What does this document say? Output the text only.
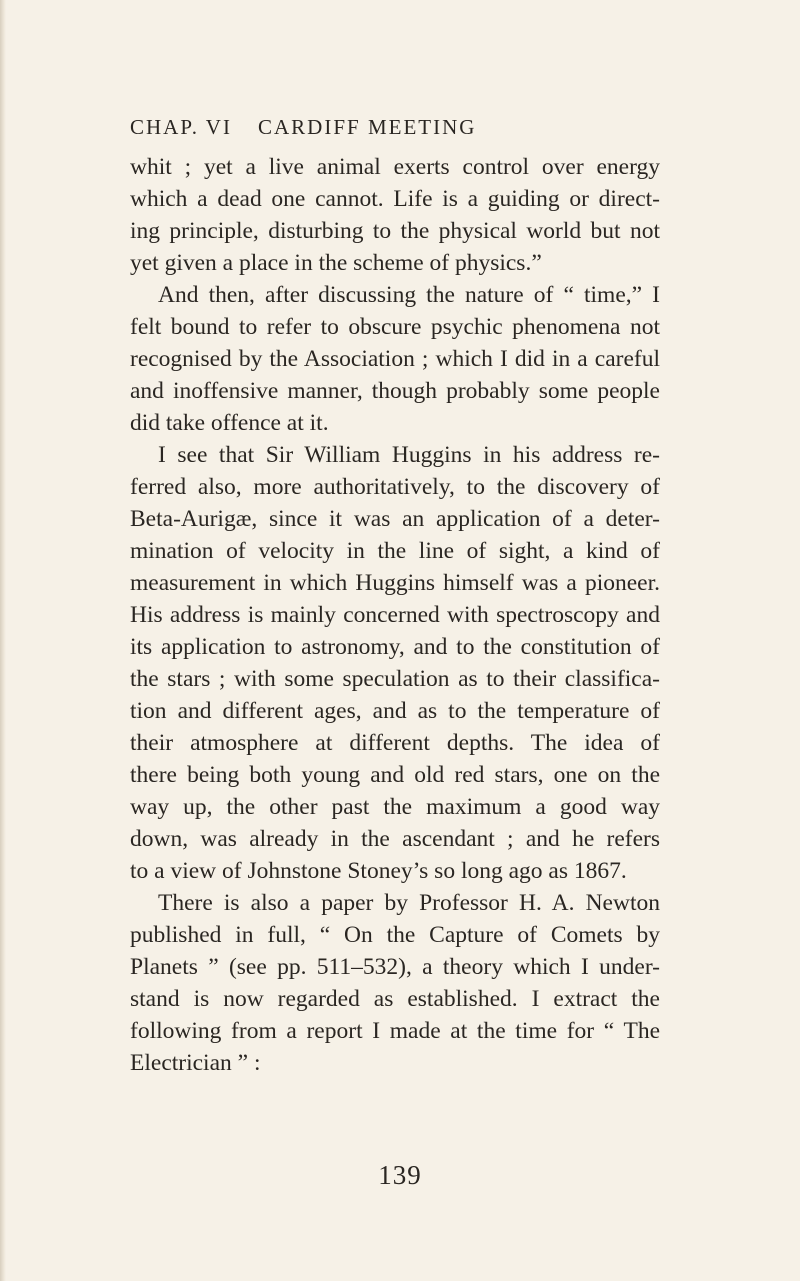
CHAP. VI CARDIFF MEETING
whit ; yet a live animal exerts control over energy
which a dead one cannot. Life is a guiding or direct-
ing principle, disturbing to the physical world but not
yet given a place in the scheme of physics.”
And then, after discussing the nature of “ time,” I
felt bound to refer to obscure psychic phenomena not
recognised by the Association ; which I did in a careful
and inoffensive manner, though probably some people
did take offence at it.
I see that Sir William Huggins in his address re-
ferred also, more authoritatively, to the discovery of
Beta-Aurigæ, since it was an application of a deter-
mination of velocity in the line of sight, a kind of
measurement in which Huggins himself was a pioneer.
His address is mainly concerned with spectroscopy and
its application to astronomy, and to the constitution of
the stars ; with some speculation as to their classifica-
tion and different ages, and as to the temperature of
their atmosphere at different depths. The idea of
there being both young and old red stars, one on the
way up, the other past the maximum a good way
down, was already in the ascendant ; and he refers
to a view of Johnstone Stoney’s so long ago as 1867.
There is also a paper by Professor H. A. Newton
published in full, “ On the Capture of Comets by
Planets ” (see pp. 511–532), a theory which I under-
stand is now regarded as established. I extract the
following from a report I made at the time for “ The
Electrician ” :
139
